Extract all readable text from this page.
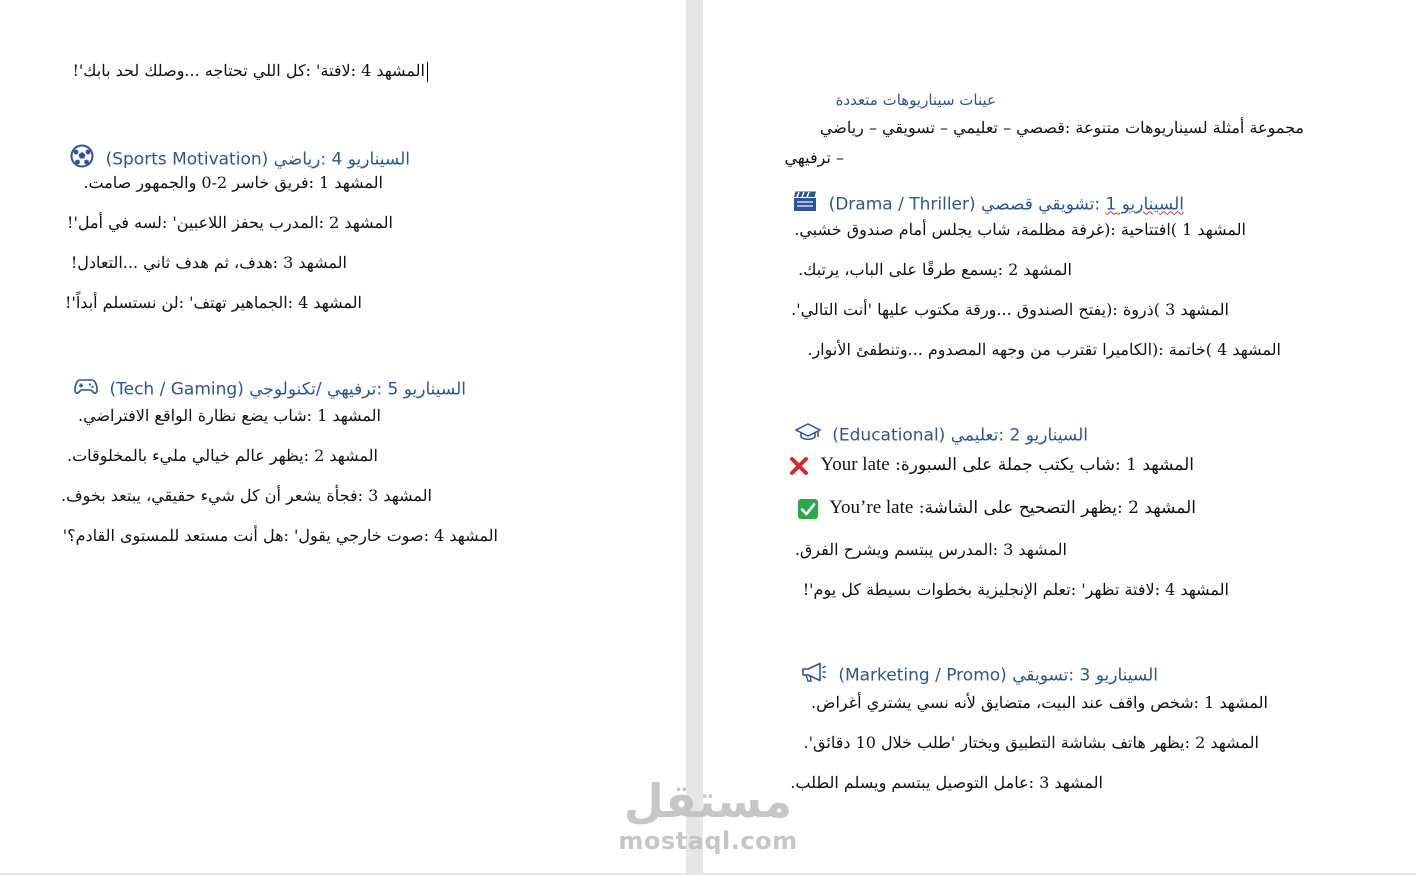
المشهد 4 :لافتة' :كل اللي تحتاجه ...وصلك لحد بابك'!
السيناريو 4 :رياضي (Sports Motivation)
المشهد 1 :فريق خاسر 2-0 والجمهور صامت.
المشهد 2 :المدرب يحفز اللاعبين' :لسه في أمل'!
المشهد 3 :هدف، ثم هدف ثاني ...التعادل!
المشهد 4 :الجماهير تهتف' :لن نستسلم أبداً'!
السيناريو 5 :ترفيهي /تكنولوجي (Tech / Gaming)
المشهد 1 :شاب يضع نظارة الواقع الافتراضي.
المشهد 2 :يظهر عالم خيالي مليء بالمخلوقات.
المشهد 3 :فجأة يشعر أن كل شيء حقيقي، يبتعد بخوف.
المشهد 4 :صوت خارجي يقول' :هل أنت مستعد للمستوى القادم؟'
عينات سيناريوهات متعددة
مجموعة أمثلة لسيناريوهات متنوعة :قصصي – تعليمي – تسويقي – رياضي
– ترفيهي
السيناريو 1 :تشويقي قصصي (Drama / Thriller)
المشهد 1 )افتتاحية :(غرفة مظلمة، شاب يجلس أمام صندوق خشبي.
المشهد 2 :يسمع طرقًا على الباب، يرتبك.
المشهد 3 )ذروة :(يفتح الصندوق ...ورقة مكتوب عليها 'أنت التالي'.
المشهد 4 )خاتمة :(الكاميرا تقترب من وجهه المصدوم ...وتنطفئ الأنوار.
السيناريو 2 :تعليمي (Educational)
المشهد 1 :شاب يكتب جملة على السبورة: Your late
المشهد 2 :يظهر التصحيح على الشاشة: You’re late
المشهد 3 :المدرس يبتسم ويشرح الفرق.
المشهد 4 :لافتة تظهر' :تعلم الإنجليزية بخطوات بسيطة كل يوم'!
السيناريو 3 :تسويقي (Marketing / Promo)
المشهد 1 :شخص واقف عند البيت، متضايق لأنه نسي يشتري أغراض.
المشهد 2 :يظهر هاتف بشاشة التطبيق ويختار 'طلب خلال 10 دقائق'.
المشهد 3 :عامل التوصيل يبتسم ويسلم الطلب.
مستقل
mostaql.com
